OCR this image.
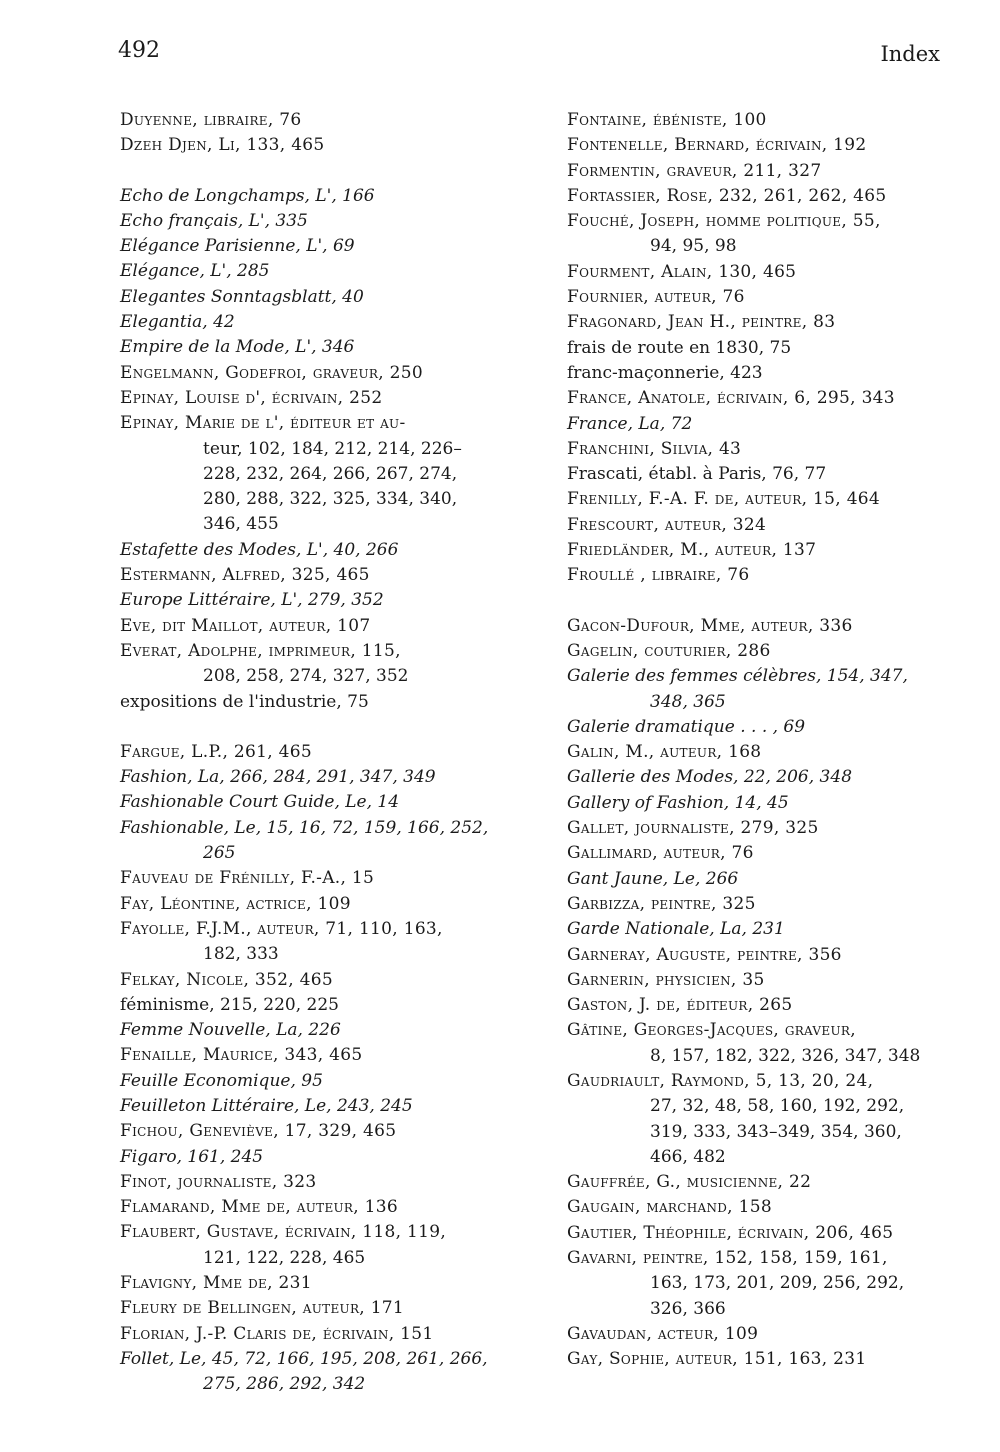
492	Index
Duyenne, libraire, 76
Dzeh Djen, Li, 133, 465
Echo de Longchamps, L', 166
Echo français, L', 335
Elégance Parisienne, L', 69
Elégance, L', 285
Elegantes Sonntagsblatt, 40
Elegantia, 42
Empire de la Mode, L', 346
Engelmann, Godefroi, graveur, 250
Epinay, Louise d', écrivain, 252
Epinay, Marie de l', éditeur et au-
teur, 102, 184, 212, 214, 226–
228, 232, 264, 266, 267, 274,
280, 288, 322, 325, 334, 340,
346, 455
Estafette des Modes, L', 40, 266
Estermann, Alfred, 325, 465
Europe Littéraire, L', 279, 352
Eve, dit Maillot, auteur, 107
Everat, Adolphe, imprimeur, 115,
208, 258, 274, 327, 352
expositions de l'industrie, 75
Fargue, L.P., 261, 465
Fashion, La, 266, 284, 291, 347, 349
Fashionable Court Guide, Le, 14
Fashionable, Le, 15, 16, 72, 159, 166, 252,
265
Fauveau de Frénilly, F.-A., 15
Fay, Léontine, actrice, 109
Fayolle, F.J.M., auteur, 71, 110, 163,
182, 333
Felkay, Nicole, 352, 465
féminisme, 215, 220, 225
Femme Nouvelle, La, 226
Fenaille, Maurice, 343, 465
Feuille Economique, 95
Feuilleton Littéraire, Le, 243, 245
Fichou, Geneviève, 17, 329, 465
Figaro, 161, 245
Finot, journaliste, 323
Flamarand, Mme de, auteur, 136
Flaubert, Gustave, écrivain, 118, 119,
121, 122, 228, 465
Flavigny, Mme de, 231
Fleury de Bellingen, auteur, 171
Florian, J.-P. Claris de, écrivain, 151
Follet, Le, 45, 72, 166, 195, 208, 261, 266,
275, 286, 292, 342
Fontaine, ébéniste, 100
Fontenelle, Bernard, écrivain, 192
Formentin, graveur, 211, 327
Fortassier, Rose, 232, 261, 262, 465
Fouché, Joseph, homme politique, 55,
94, 95, 98
Fourment, Alain, 130, 465
Fournier, auteur, 76
Fragonard, Jean H., peintre, 83
frais de route en 1830, 75
franc-maçonnerie, 423
France, Anatole, écrivain, 6, 295, 343
France, La, 72
Franchini, Silvia, 43
Frascati, établ. à Paris, 76, 77
Frenilly, F.-A. F. de, auteur, 15, 464
Frescourt, auteur, 324
Friedländer, M., auteur, 137
Froullé , libraire, 76
Gacon-Dufour, Mme, auteur, 336
Gagelin, couturier, 286
Galerie des femmes célèbres, 154, 347,
348, 365
Galerie dramatique . . . , 69
Galin, M., auteur, 168
Gallerie des Modes, 22, 206, 348
Gallery of Fashion, 14, 45
Gallet, journaliste, 279, 325
Gallimard, auteur, 76
Gant Jaune, Le, 266
Garbizza, peintre, 325
Garde Nationale, La, 231
Garneray, Auguste, peintre, 356
Garnerin, physicien, 35
Gaston, J. de, éditeur, 265
Gâtine, Georges-Jacques, graveur,
8, 157, 182, 322, 326, 347, 348
Gaudriault, Raymond, 5, 13, 20, 24,
27, 32, 48, 58, 160, 192, 292,
319, 333, 343–349, 354, 360,
466, 482
Gauffrée, G., musicienne, 22
Gaugain, marchand, 158
Gautier, Théophile, écrivain, 206, 465
Gavarni, peintre, 152, 158, 159, 161,
163, 173, 201, 209, 256, 292,
326, 366
Gavaudan, acteur, 109
Gay, Sophie, auteur, 151, 163, 231
